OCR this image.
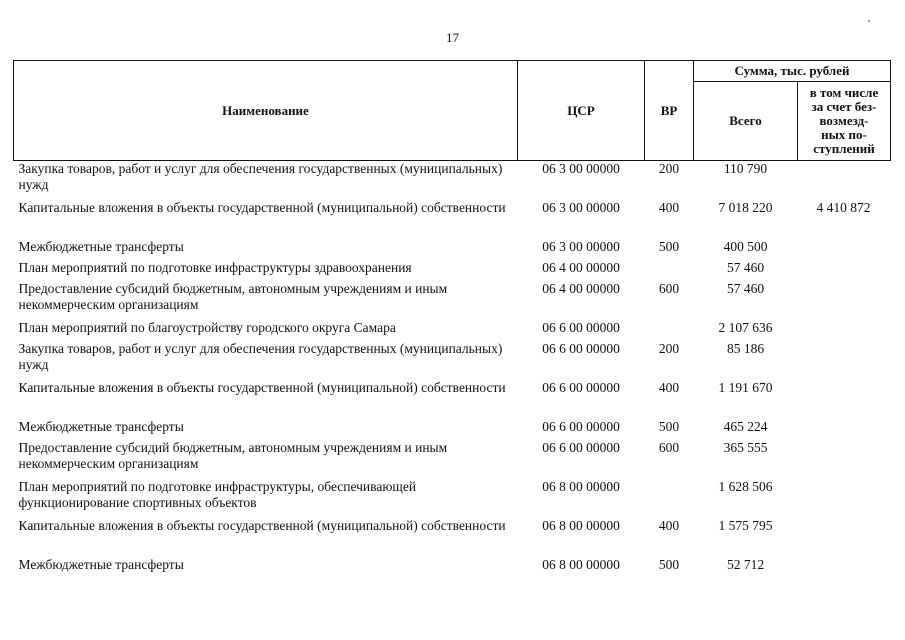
17
Наименование	ЦСР	ВР	Сумма, тыс. рублей	
			Всего	в том числе
за счет без-
возмезд-
ных по-
ступлений

Закупка товаров, работ и услуг для обеспечения государственных (муниципальных) нужд	06 3 00 00000	200	110 790	
Капитальные вложения в объекты государственной (муниципальной) собственности	06 3 00 00000	400	7 018 220	4 410 872
Межбюджетные трансферты	06 3 00 00000	500	400 500	
План мероприятий по подготовке инфраструктуры здравоохранения	06 4 00 00000		57 460	
Предоставление субсидий бюджетным, автономным учреждениям и иным некоммерческим организациям	06 4 00 00000	600	57 460	
План мероприятий по благоустройству городского округа Самара	06 6 00 00000		2 107 636	
Закупка товаров, работ и услуг для обеспечения государственных (муниципальных) нужд	06 6 00 00000	200	85 186	
Капитальные вложения в объекты государственной (муниципальной) собственности	06 6 00 00000	400	1 191 670	
Межбюджетные трансферты	06 6 00 00000	500	465 224	
Предоставление субсидий бюджетным, автономным учреждениям и иным некоммерческим организациям	06 6 00 00000	600	365 555	
План мероприятий по подготовке инфраструктуры, обеспечивающей функционирование спортивных объектов	06 8 00 00000		1 628 506	
Капитальные вложения в объекты государственной (муниципальной) собственности	06 8 00 00000	400	1 575 795	
Межбюджетные трансферты	06 8 00 00000	500	52 712	
